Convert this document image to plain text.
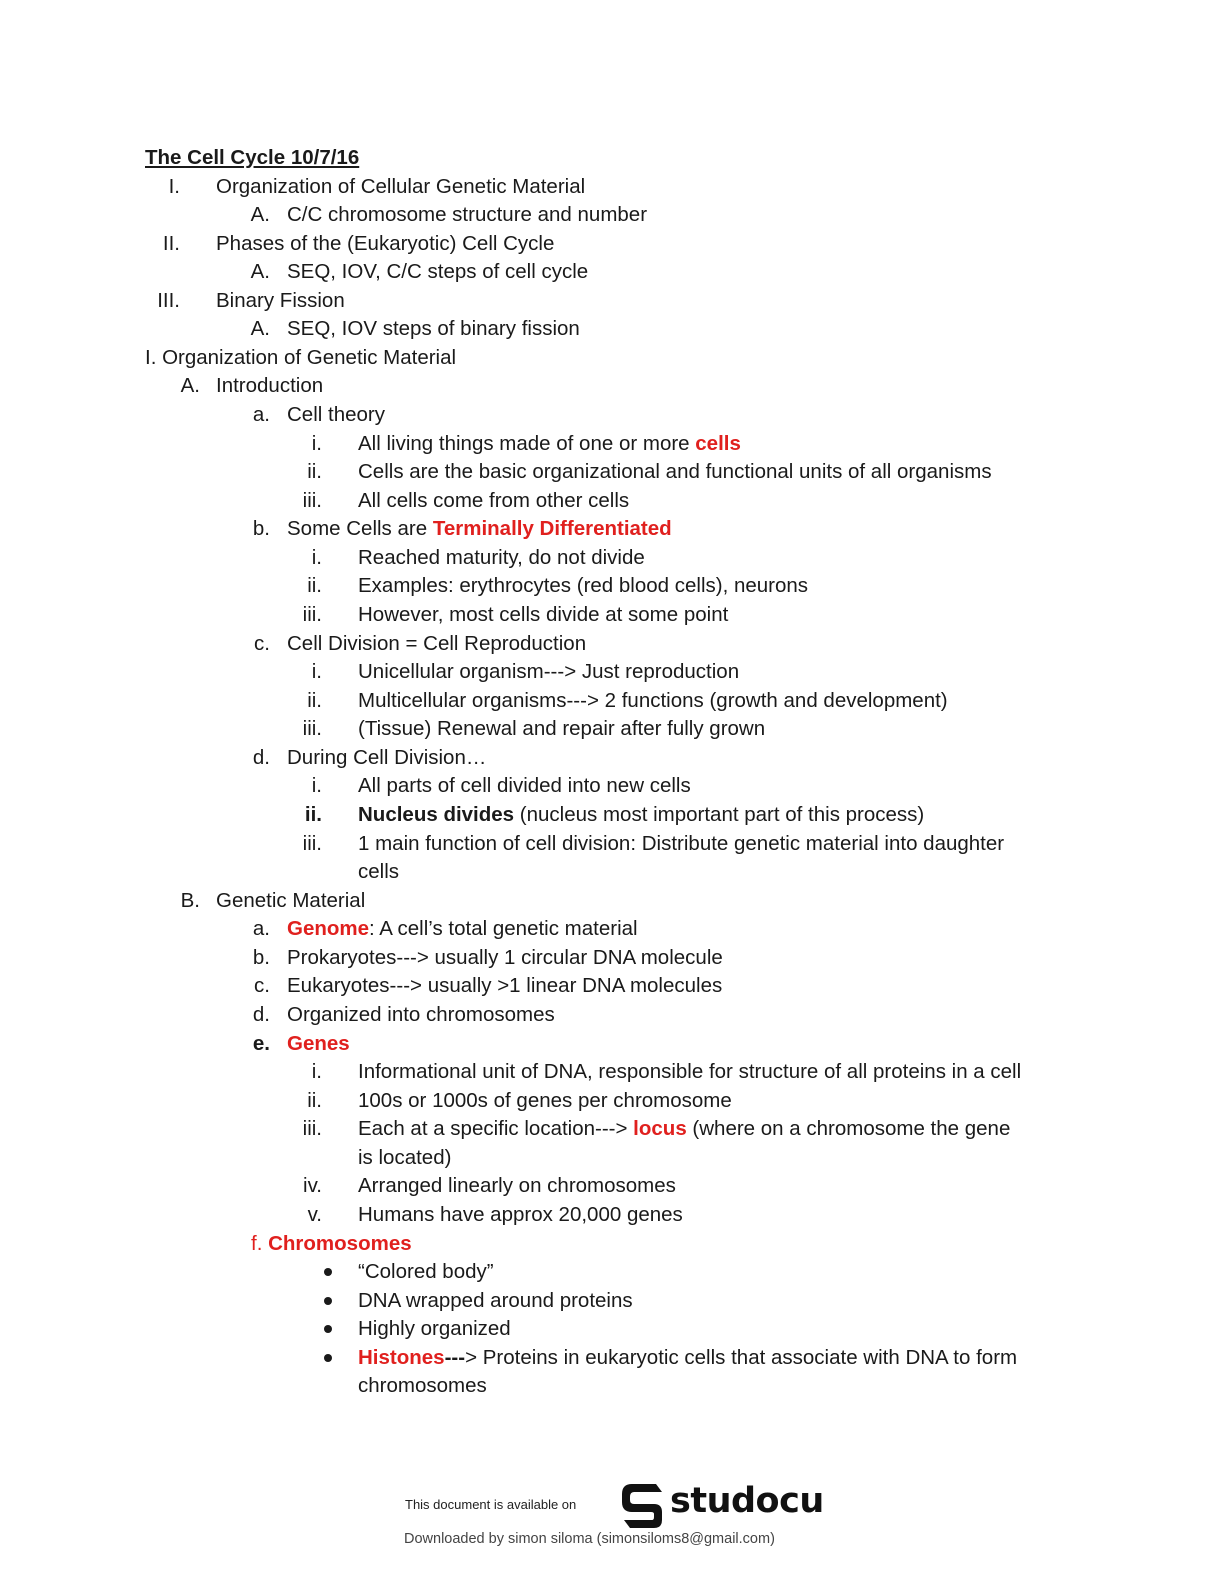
The Cell Cycle 10/7/16
I. Organization of Cellular Genetic Material
A. C/C chromosome structure and number
II. Phases of the (Eukaryotic) Cell Cycle
A. SEQ, IOV, C/C steps of cell cycle
III. Binary Fission
A. SEQ, IOV steps of binary fission
I. Organization of Genetic Material
A. Introduction
a. Cell theory
i. All living things made of one or more cells
ii. Cells are the basic organizational and functional units of all organisms
iii. All cells come from other cells
b. Some Cells are Terminally Differentiated
i. Reached maturity, do not divide
ii. Examples: erythrocytes (red blood cells), neurons
iii. However, most cells divide at some point
c. Cell Division = Cell Reproduction
i. Unicellular organism---> Just reproduction
ii. Multicellular organisms---> 2 functions (growth and development)
iii. (Tissue) Renewal and repair after fully grown
d. During Cell Division…
i. All parts of cell divided into new cells
ii. Nucleus divides (nucleus most important part of this process)
iii. 1 main function of cell division: Distribute genetic material into daughter
cells
B. Genetic Material
a. Genome: A cell’s total genetic material
b. Prokaryotes---> usually 1 circular DNA molecule
c. Eukaryotes---> usually >1 linear DNA molecules
d. Organized into chromosomes
e. Genes
i. Informational unit of DNA, responsible for structure of all proteins in a cell
ii. 100s or 1000s of genes per chromosome
iii. Each at a specific location---> locus (where on a chromosome the gene
is located)
iv. Arranged linearly on chromosomes
v. Humans have approx 20,000 genes
f. Chromosomes
“Colored body”
DNA wrapped around proteins
Highly organized
Histones---> Proteins in eukaryotic cells that associate with DNA to form
chromosomes
This document is available on	studocu
Downloaded by simon siloma (simonsiloms8@gmail.com)
